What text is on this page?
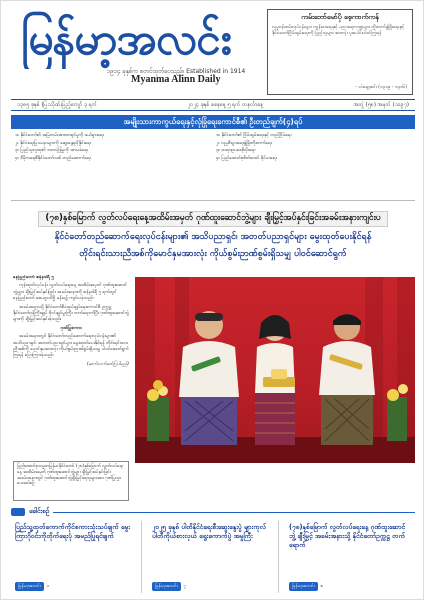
မြန်မာ့အလင်း
၁၉၁၄ ခုနှစ်က စတင်ထုတ်ဝေသည်။ Established in 1914
Myanma Alinn Daily
ကမ်းဘော်မော်ပို စေ့ကာက်ကန်
လူမှုဝန်ထမ်းလုပ်ငန်းများ ကျန်းမာရေးနှင့် ပညာရေးကဏ္ဍများ တိုးတက်ဖွံ့ဖြိုးရေးနှင့် နိုင်ငံတော်ငြိမ်းချမ်းရေးကို ပြည်သူများ အားလုံး ပူးပေါင်းပါဝင်ကြရန်
- လဲချော့စင်း (၁၃၁၉ - ၁၃၁၆)
၁၃၈၅ ခုနှစ် (ပြဿိုဏ်းပြည့်ကျော် ၃ ရက်	၂၀၂၄ ခုနှစ် စနေနေ့ ၅ ရက် တနင်္လာနေ့	အတွဲ (၅၈) အမှတ် (၁၀၉၇)
အမျိုးသားကာကွယ်ရေးနှင့်လုံခြုံရေးကောင်စီ၏ ဦးတည်ချက်(၄)ရပ်
၁။ နိုင်ငံတော်၏ အမြဲတမ်းအာဏာရှင်မှုကို ဖယ်ရှားရေး
၂။ နိုင်ငံရေးပြဿနာများကို ဆွေးနွေးညှိနှိုင်းရေး
၃။ ပြည်သူလူထု၏ ဘဝလုံခြုံမှုကို အာမခံရေး
၄။ ဒီမိုကရေစီနိုင်ငံတော်သစ် တည်ဆောက်ရေး
၁။ နိုင်ငံတော်၏ ငြိမ်းချမ်းရေးနှင့် တည်ငြိမ်ရေး
၂။ လူမှုစီးပွားရေးဖွံ့ဖြိုးတိုးတက်ရေး
၃။ တရားဥပဒေစိုးမိုးရေး
၄။ ပြည်ထောင်စုစိတ်ဓာတ် ခိုင်မာရေး
(၇၈)နှစ်မြောက် လွတ်လပ်ရေးနေ့အထိမ်းအမှတ် ဂုဏ်ထူးဆောင်ဘွဲ့များ ချီးမြှင့်အပ်နှင်းခြင်းအခမ်းအနားကျင်းပ
နိုင်ငံတော်တည်ဆောက်ရေးလုပ်ငန်းများ၏ အသိပညာရှင်၊ အတတ်ပညာရှင်များ မွေးထုတ်ပေးနိုင်ရန်
တိုင်းရင်းသားညီအစ်ကိုမောင်နှမအားလုံး ကိုယ်စွမ်းဉာဏ်စွမ်းရှိသမျှ ပါဝင်ဆောင်ရွက်
နေပြည်တော် ဇန်နဝါရီ ၅

ကုန်ထုတ်လုပ်ငန်း လွတ်လပ်ရေးနေ့ အထိမ်းအမှတ် ဂုဏ်ထူးဆောင်ဘွဲ့များ ချီးမြှင့်အပ်နှင်းခြင်း အခမ်းအနားကို ဇန်နဝါရီ ၅ ရက်တွင် နေပြည်တော် ဇေယျာသိဒ္ဓိ ခန်းမ၌ ကျင်းပခဲ့သည်။

အခမ်းအနားသို့ နိုင်ငံတော်စီမံအုပ်ချုပ်ရေးကောင်စီ ဥက္ကဋ္ဌ နိုင်ငံတော်ဝန်ကြီးချုပ် ဗိုလ်ချုပ်မှူးကြီး တက်ရောက်ပြီး ဂုဏ်ထူးဆောင်ဘွဲ့များကို ချီးမြှင့်အပ်နှင်းခဲ့သည်။

ဂုဏ်ပြုစကား

အခမ်းအနားတွင် နိုင်ငံတော်တည်ဆောက်ရေးလုပ်ငန်းများ၏ အသိပညာရှင်၊ အတတ်ပညာရှင်များ မွေးထုတ်ပေးနိုင်ရန် တိုင်းရင်းသားညီအစ်ကို မောင်နှမအားလုံး ကိုယ်စွမ်းဉာဏ်စွမ်းရှိသမျှ ပါဝင်ဆောင်ရွက်ကြရန် ပြောကြားခဲ့သည်။

(ဆက်လက်ဖော်ပြပါမည်)
ပြည်ထောင်စုသမ္မတမြန်မာနိုင်ငံတော် (၇၈)နှစ်မြောက် လွတ်လပ်ရေးနေ့ အထိမ်းအမှတ် ဂုဏ်ထူးဆောင်ဘွဲ့များ ချီးမြှင့်အပ်နှင်းခြင်း အခမ်းအနားတွင် ဂုဏ်ထူးဆောင်ဘွဲ့ချီးမြှင့်ခံရသူများအား ဂုဏ်ပြုလွှာ ပေးအပ်စဉ်
ခေါင်းစဉ်
ပြည်သူ့ထုတ်ကောက်ကိုင်စကားသုံးသပ်ချက် မွေးကြားဂိုဝင်းကိုတိုက်ရေးပုံ အမည်ပြုရင်ချက်
မြန်မာ့အလင်း	၁
၂၀၂၅ ခုနှစ် ပါတိနိုင်ငံရေးစီးဆွေးနွေးပွဲ များကုလ် ပါတီကိုယ်စားလှယ် ရွေးကောက်ပွဲ အမှုကြီး
မြန်မာ့အလင်း	၇
(၇၈)နှစ်မြောက် လွတ်လပ်ရေးနေ့ ဂုဏ်ထူးဆောင်ဘွဲ့ ချီးမြှင့် အခမ်းအနားသို့ နိုင်ငံတော်ဥက္ကဋ္ဌ တက်ရောက်
မြန်မာ့အလင်း	၈
